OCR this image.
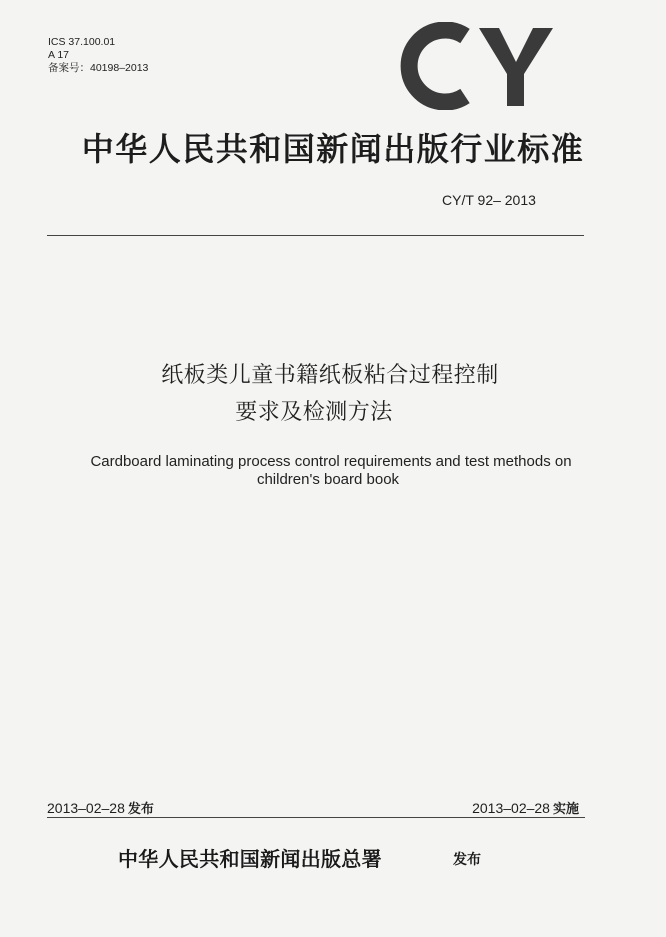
ICS 37.100.01
A 17
备案号：40198–2013
中华人民共和国新闻出版行业标准
CY/T 92– 2013
纸板类儿童书籍纸板粘合过程控制
要求及检测方法
Cardboard laminating process control requirements and test methods on
children's board book
2013–02–28 发布	2013–02–28 实施
中华人民共和国新闻出版总署	发布
